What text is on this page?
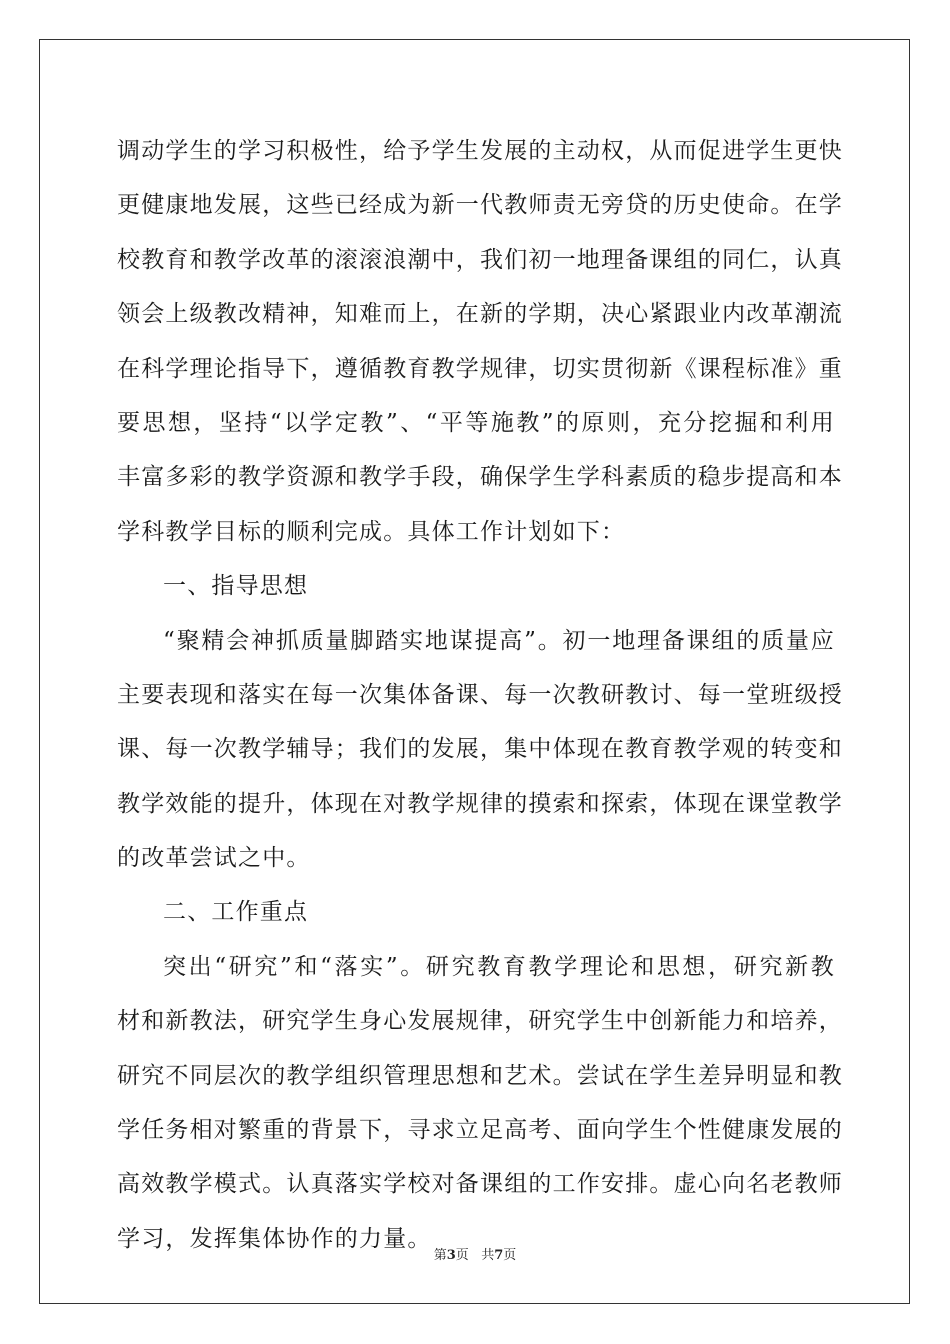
调动学生的学习积极性，给予学生发展的主动权，从而促进学生更快
更健康地发展，这些已经成为新一代教师责无旁贷的历史使命。在学
校教育和教学改革的滚滚浪潮中，我们初一地理备课组的同仁，认真
领会上级教改精神，知难而上，在新的学期，决心紧跟业内改革潮流
在科学理论指导下，遵循教育教学规律，切实贯彻新《课程标准》重
要思想，坚持“以学定教”、“平等施教”的原则，充分挖掘和利用
丰富多彩的教学资源和教学手段，确保学生学科素质的稳步提高和本
学科教学目标的顺利完成。具体工作计划如下：
一、指导思想
“聚精会神抓质量脚踏实地谋提高”。初一地理备课组的质量应
主要表现和落实在每一次集体备课、每一次教研教讨、每一堂班级授
课、每一次教学辅导；我们的发展，集中体现在教育教学观的转变和
教学效能的提升，体现在对教学规律的摸索和探索，体现在课堂教学
的改革尝试之中。
二、工作重点
突出“研究”和“落实”。研究教育教学理论和思想，研究新教
材和新教法，研究学生身心发展规律，研究学生中创新能力和培养，
研究不同层次的教学组织管理思想和艺术。尝试在学生差异明显和教
学任务相对繁重的背景下，寻求立足高考、面向学生个性健康发展的
高效教学模式。认真落实学校对备课组的工作安排。虚心向名老教师
学习，发挥集体协作的力量。
第3页 共7页
